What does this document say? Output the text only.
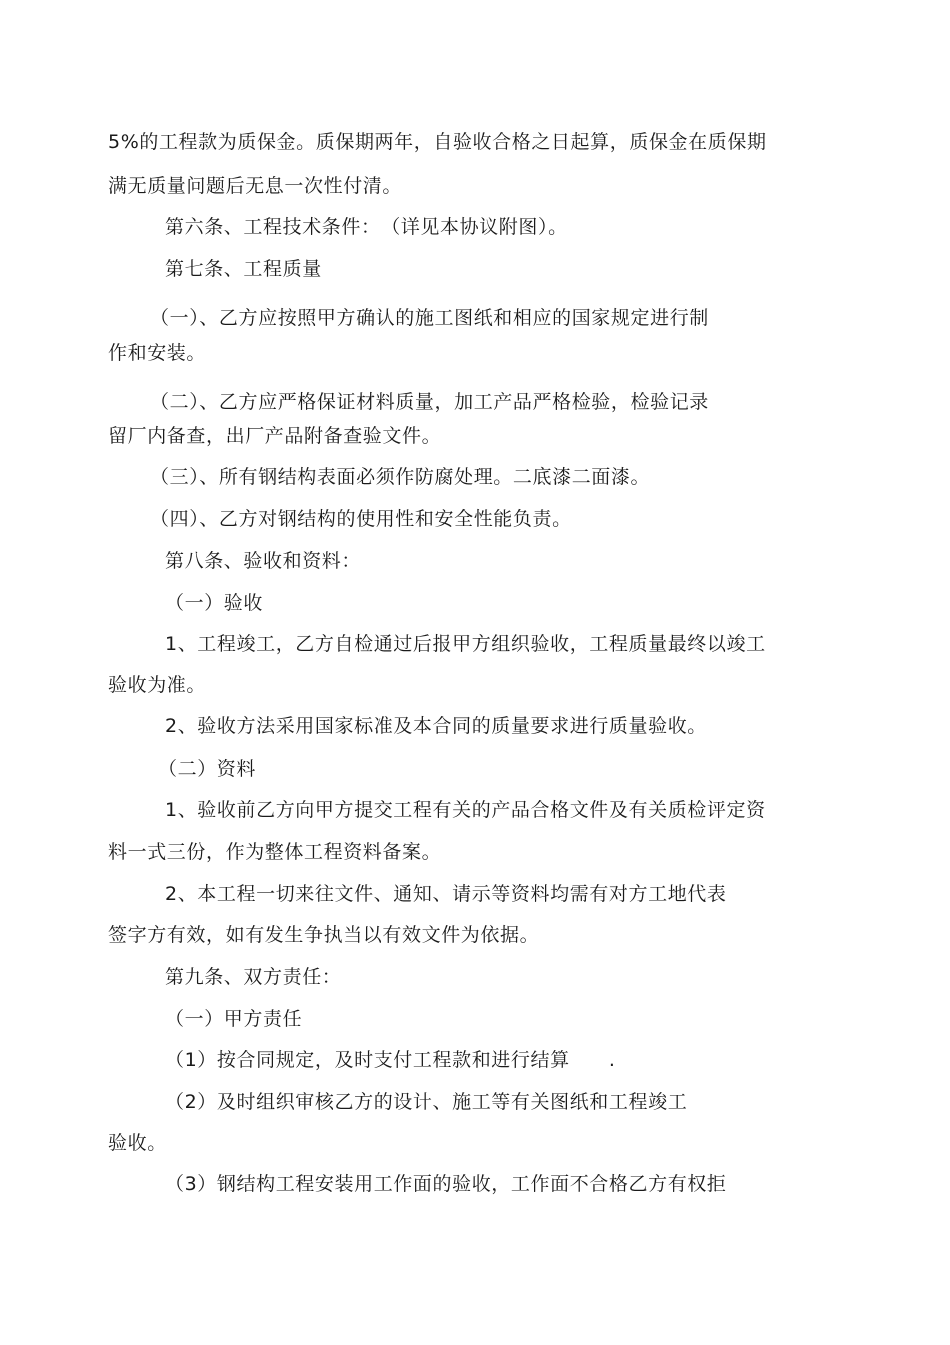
5%的工程款为质保金。质保期两年，自验收合格之日起算，质保金在质保期
满无质量问题后无息一次性付清。
第六条、工程技术条件：　（详见本协议附图）。
第七条、工程质量
（一）、乙方应按照甲方确认的施工图纸和相应的国家规定进行制
作和安装。
（二）、乙方应严格保证材料质量，加工产品严格检验，检验记录
留厂内备查，出厂产品附备查验文件。
（三）、所有钢结构表面必须作防腐处理。二底漆二面漆。
（四）、乙方对钢结构的使用性和安全性能负责。
第八条、验收和资料：
（一）验收
1、工程竣工，乙方自检通过后报甲方组织验收，工程质量最终以竣工
验收为准。
2、验收方法采用国家标准及本合同的质量要求进行质量验收。
（二）资料
1、验收前乙方向甲方提交工程有关的产品合格文件及有关质检评定资
料一式三份，作为整体工程资料备案。
2、本工程一切来往文件、通知、请示等资料均需有对方工地代表
签字方有效，如有发生争执当以有效文件为依据。
第九条、双方责任：
（一）甲方责任
（1）按合同规定，及时支付工程款和进行结算　　.
（2）及时组织审核乙方的设计、施工等有关图纸和工程竣工
验收。
（3）钢结构工程安装用工作面的验收，工作面不合格乙方有权拒
